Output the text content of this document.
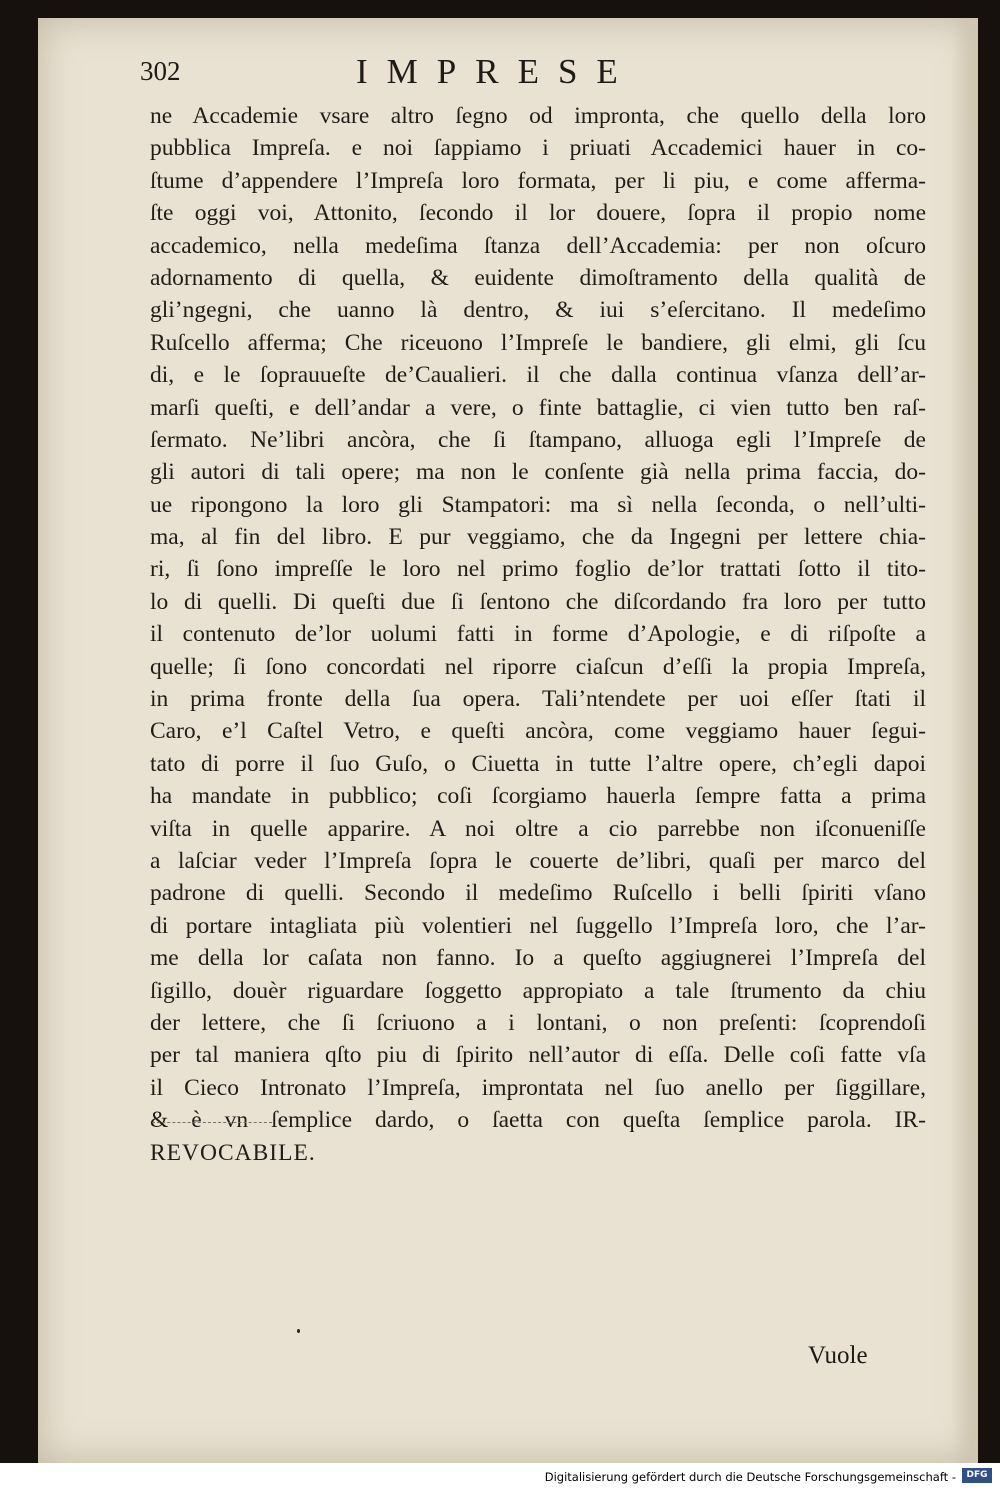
302	IMPRESE
ne Accademie vsare altro ſegno od impronta, che quello della loro
pubblica Impreſa. e noi ſappiamo i priuati Accademici hauer in co-
ſtume d’appendere l’Impreſa loro formata, per li piu, e come afferma-
ſte oggi voi, Attonito, ſecondo il lor douere, ſopra il propio nome
accademico, nella medeſima ſtanza dell’Accademia: per non oſcuro
adornamento di quella, & euidente dimoſtramento della qualità de
gli’ngegni, che uanno là dentro, & iui s’eſercitano. Il medeſimo
Ruſcello afferma; Che riceuono l’Impreſe le bandiere, gli elmi, gli ſcu
di, e le ſoprauueſte de’Caualieri. il che dalla continua vſanza dell’ar-
marſi queſti, e dell’andar a vere, o finte battaglie, ci vien tutto ben raſ-
ſermato. Ne’libri ancòra, che ſi ſtampano, alluoga egli l’Impreſe de
gli autori di tali opere; ma non le conſente già nella prima faccia, do-
ue ripongono la loro gli Stampatori: ma sì nella ſeconda, o nell’ulti-
ma, al fin del libro. E pur veggiamo, che da Ingegni per lettere chia-
ri, ſi ſono impreſſe le loro nel primo foglio de’lor trattati ſotto il tito-
lo di quelli. Di queſti due ſi ſentono che diſcordando fra loro per tutto
il contenuto de’lor uolumi fatti in forme d’Apologie, e di riſpoſte a
quelle; ſi ſono concordati nel riporre ciaſcun d’eſſi la propia Impreſa,
in prima fronte della ſua opera. Tali’ntendete per uoi eſſer ſtati il
Caro, e’l Caſtel Vetro, e queſti ancòra, come veggiamo hauer ſegui-
tato di porre il ſuo Guſo, o Ciuetta in tutte l’altre opere, ch’egli dapoi
ha mandate in pubblico; coſi ſcorgiamo hauerla ſempre fatta a prima
viſta in quelle apparire. A noi oltre a cio parrebbe non iſconueniſſe
a laſciar veder l’Impreſa ſopra le couerte de’libri, quaſi per marco del
padrone di quelli. Secondo il medeſimo Ruſcello i belli ſpiriti vſano
di portare intagliata più volentieri nel ſuggello l’Impreſa loro, che l’ar-
me della lor caſata non fanno. Io a queſto aggiugnerei l’Impreſa del
ſigillo, douèr riguardare ſoggetto appropiato a tale ſtrumento da chiu
der lettere, che ſi ſcriuono a i lontani, o non preſenti: ſcoprendoſi
per tal maniera qſto piu di ſpirito nell’autor di eſſa. Delle coſi fatte vſa
il Cieco Intronato l’Impreſa, improntata nel ſuo anello per ſiggillare,
& è vn ſemplice dardo, o ſaetta con queſta ſemplice parola. IR-
REVOCABILE.
Vuole
Digitalisierung gefördert durch die Deutsche Forschungsgemeinschaft -	DFG
